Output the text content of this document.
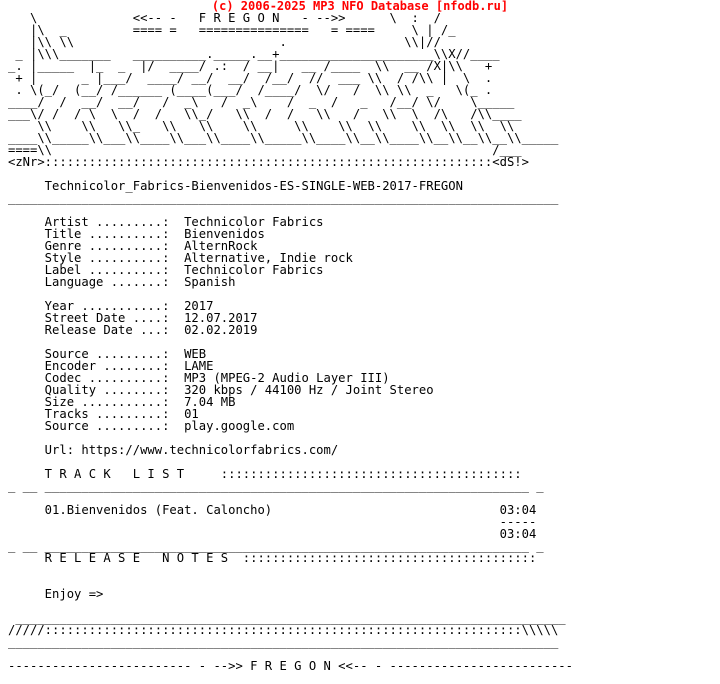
(c) 2006-2025 MP3 NFO Database [nfodb.ru]
\             <<-- -   F R E G O N   - -->>      \  :  /
|\  _         ==== =   ===============   = ====     \ | /_
|\\ \\                            .                \\|//
_ |\\\_______   __________._____.__+_____________________\\X//____
_. |_____  |_  _  |/  ____/ .:  / __|   __ /____  \\  __ /X|\\   +
+ |      _ |___/  ____/ __/  __/  /__/  //  ___ \\  / /\\ |  \  .
. \(_/  (__/ /______ (____(___/  /____/  \/   /  \\ \\  _   \(_ .
____/  /  __/  __/   /  _\   /  _\    /  _  /   _   /__/ \/    \_____
___\/ /  / \  \  /  /   \\_/   \\  /  /   \\   /   \\  \  /\   /\\____
\\    \\   \\_   \\   \\    \\     \\    \\  \\    \\  \\  \\  \\
____\\_____\\___\\____\\___\\____\\_____\\____\\__\\____\\__\\__\\__\\_____
====\\                                                            /___
<zNr>:::::::::::::::::::::::::::::::::::::::::::::::::::::::::::::<dS!>

Technicolor_Fabrics-Bienvenidos-ES-SINGLE-WEB-2017-FREGON
___________________________________________________________________________

Artist .........:  Technicolor Fabrics
Title ..........:  Bienvenidos
Genre ..........:  AlternRock
Style ..........:  Alternative, Indie rock
Label ..........:  Technicolor Fabrics
Language .......:  Spanish

Year ...........:  2017
Street Date ....:  12.07.2017
Release Date ...:  02.02.2019

Source .........:  WEB
Encoder ........:  LAME
Codec ..........:  MP3 (MPEG-2 Audio Layer III)
Quality ........:  320 kbps / 44100 Hz / Joint Stereo
Size ...........:  7.04 MB
Tracks .........:  01
Source .........:  play.google.com

Url: https://www.technicolorfabrics.com/

T R A C K   L I S T     :::::::::::::::::::::::::::::::::::::::::
_ __ __________________________________________________________________ _

01.Bienvenidos (Feat. Caloncho)                               03:04
-----
03:04
_ __ __________________________________________________________________ _
R E L E A S E   N O T E S  ::::::::::::::::::::::::::::::::::::::::

Enjoy =>

___________________________________________________________________________
/////:::::::::::::::::::::::::::::::::::::::::::::::::::::::::::::::::\\\\\
___________________________________________________________________________

------------------------- - -->> F R E G O N <<-- - -------------------------
